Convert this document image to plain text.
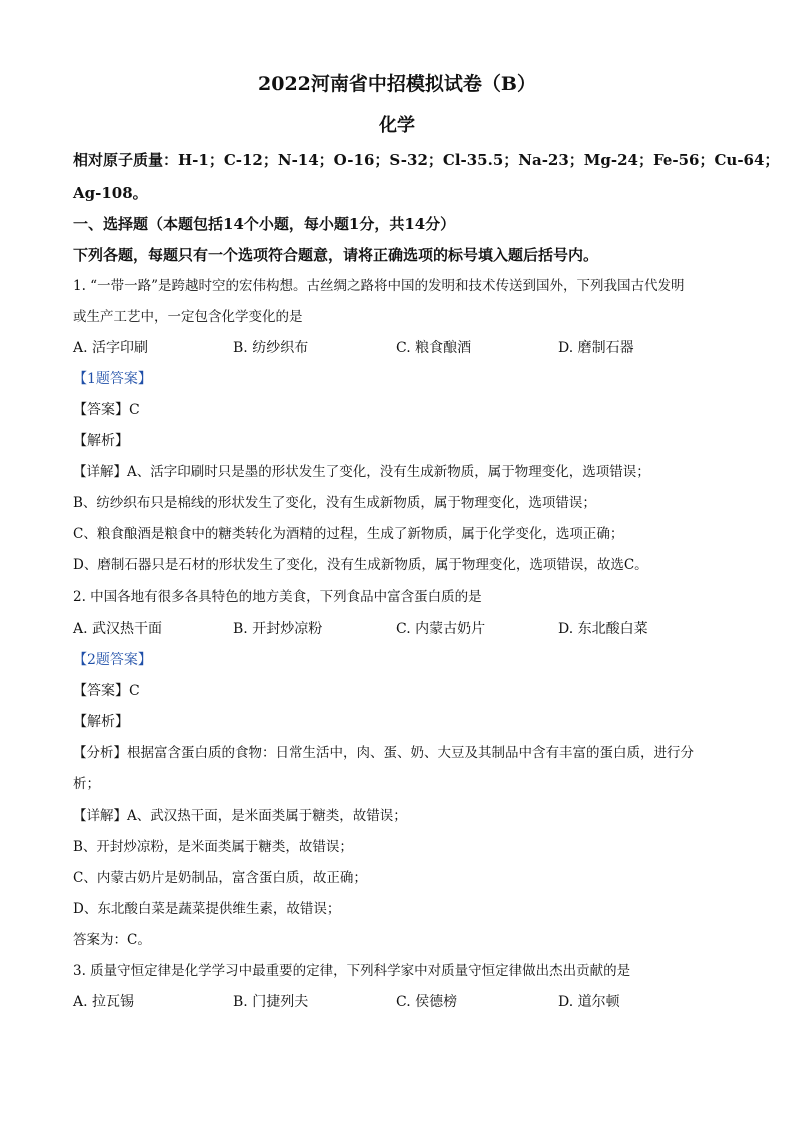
2022河南省中招模拟试卷（B）
化学
相对原子质量：H-1；C-12；N-14；O-16；S-32；Cl-35.5；Na-23；Mg-24；Fe-56；Cu-64；
Ag-108。
一、选择题（本题包括14个小题，每小题1分，共14分）
下列各题，每题只有一个选项符合题意，请将正确选项的标号填入题后括号内。
1. “一带一路”是跨越时空的宏伟构想。古丝绸之路将中国的发明和技术传送到国外，下列我国古代发明
或生产工艺中，一定包含化学变化的是
A. 活字印刷	B. 纺纱织布	C. 粮食酿酒	D. 磨制石器
【1题答案】
【答案】C
【解析】
【详解】A、活字印刷时只是墨的形状发生了变化，没有生成新物质，属于物理变化，选项错误；
B、纺纱织布只是棉线的形状发生了变化，没有生成新物质，属于物理变化，选项错误；
C、粮食酿酒是粮食中的糖类转化为酒精的过程，生成了新物质，属于化学变化，选项正确；
D、磨制石器只是石材的形状发生了变化，没有生成新物质，属于物理变化，选项错误，故选C。
2. 中国各地有很多各具特色的地方美食，下列食品中富含蛋白质的是
A. 武汉热干面	B. 开封炒凉粉	C. 内蒙古奶片	D. 东北酸白菜
【2题答案】
【答案】C
【解析】
【分析】根据富含蛋白质的食物：日常生活中，肉、蛋、奶、大豆及其制品中含有丰富的蛋白质，进行分
析；
【详解】A、武汉热干面，是米面类属于糖类，故错误；
B、开封炒凉粉，是米面类属于糖类，故错误；
C、内蒙古奶片是奶制品，富含蛋白质，故正确；
D、东北酸白菜是蔬菜提供维生素，故错误；
答案为：C。
3. 质量守恒定律是化学学习中最重要的定律，下列科学家中对质量守恒定律做出杰出贡献的是
A. 拉瓦锡	B. 门捷列夫	C. 侯德榜	D. 道尔顿
